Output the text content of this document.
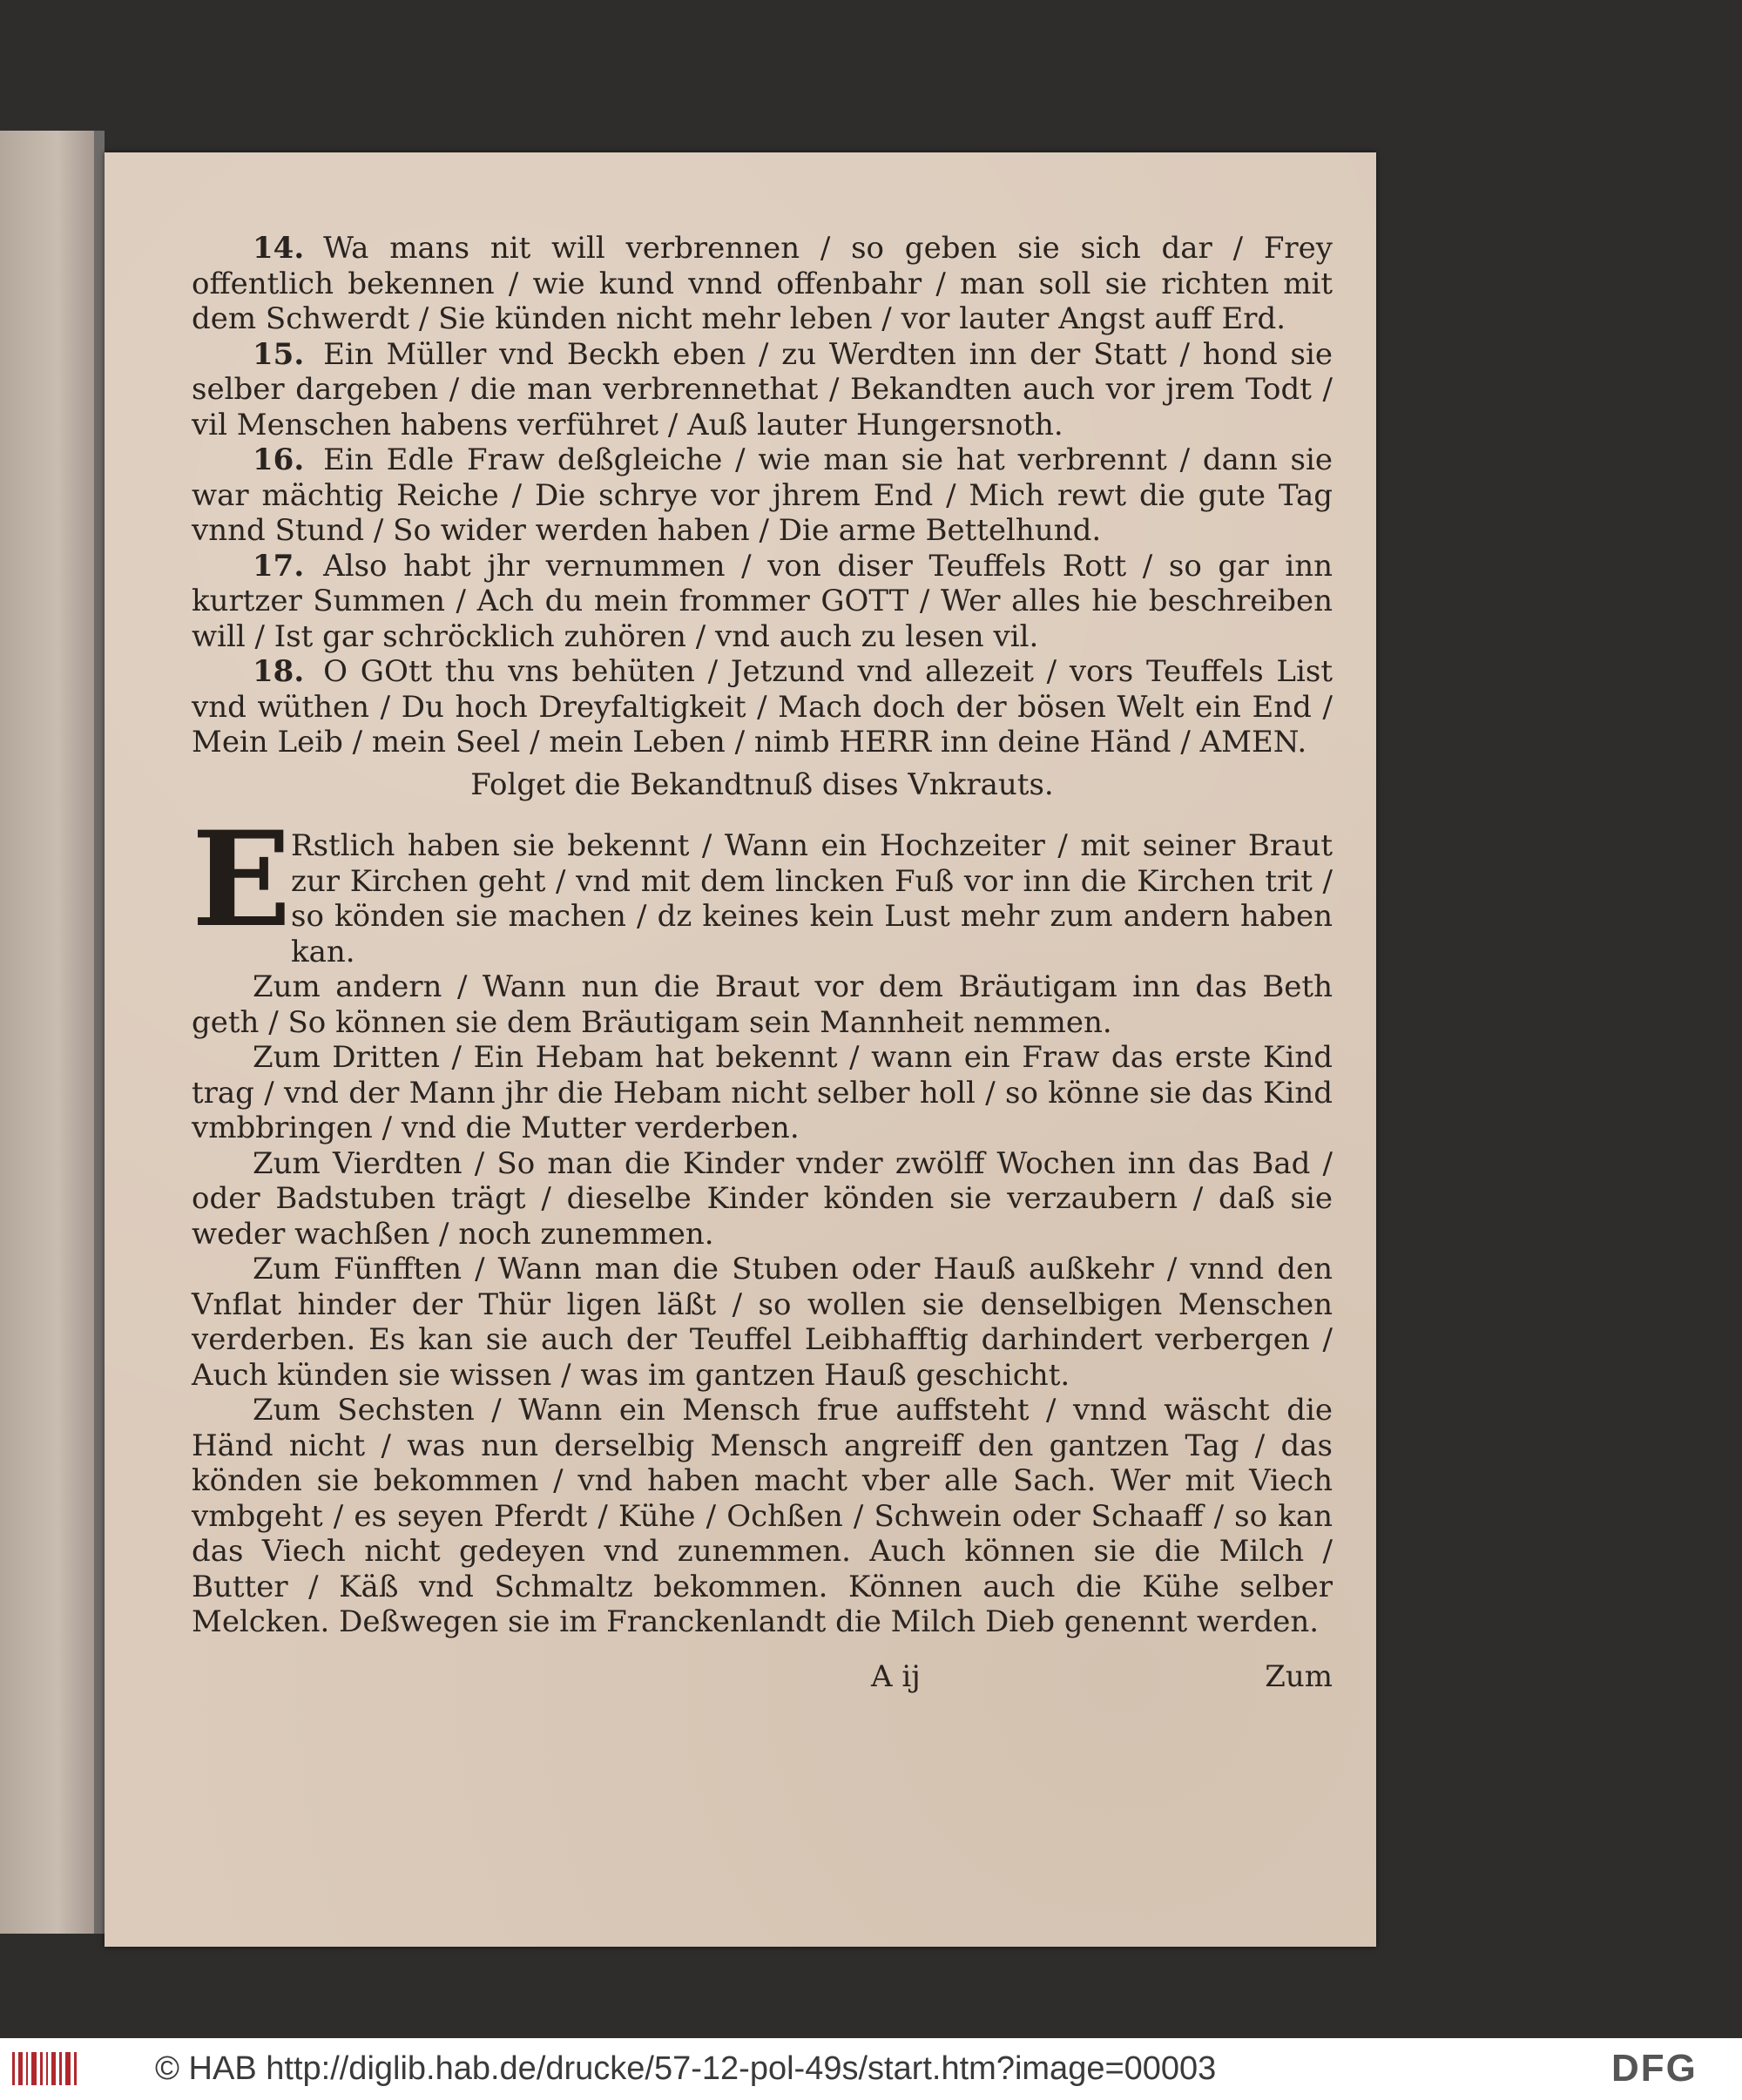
14. Wa mans nit will verbrennen / so geben sie sich dar / Frey offentlich bekennen / wie kund vnnd offenbahr / man soll sie richten mit dem Schwerdt / Sie künden nicht mehr leben / vor lauter Angst auff Erd.

15. Ein Müller vnd Beckh eben / zu Werdten inn der Statt / hond sie selber dargeben / die man verbrennethat / Bekandten auch vor jrem Todt / vil Menschen habens verführet / Auß lauter Hungersnoth.

16. Ein Edle Fraw deßgleiche / wie man sie hat verbrennt / dann sie war mächtig Reiche / Die schrye vor jhrem End / Mich rewt die gute Tag vnnd Stund / So wider werden haben / Die arme Bettelhund.

17. Also habt jhr vernummen / von diser Teuffels Rott / so gar inn kurtzer Summen / Ach du mein frommer GOTT / Wer alles hie beschreiben will / Ist gar schröcklich zuhören / vnd auch zu lesen vil.

18. O GOtt thu vns behüten / Jetzund vnd allezeit / vors Teuffels List vnd wüthen / Du hoch Dreyfaltigkeit / Mach doch der bösen Welt ein End / Mein Leib / mein Seel / mein Leben / nimb HERR inn deine Händ / AMEN.

Folget die Bekandtnuß dises Vnkrauts.

E Rstlich haben sie bekennt / Wann ein Hochzeiter / mit seiner Braut zur Kirchen geht / vnd mit dem lincken Fuß vor inn die Kirchen trit / so könden sie machen / dz keines kein Lust mehr zum andern haben kan.

Zum andern / Wann nun die Braut vor dem Bräutigam inn das Beth geth / So können sie dem Bräutigam sein Mannheit nemmen.

Zum Dritten / Ein Hebam hat bekennt / wann ein Fraw das erste Kind trag / vnd der Mann jhr die Hebam nicht selber holl / so könne sie das Kind vmbbringen / vnd die Mutter verderben.

Zum Vierdten / So man die Kinder vnder zwölff Wochen inn das Bad / oder Badstuben trägt / dieselbe Kinder könden sie verzaubern / daß sie weder wachßen / noch zunemmen.

Zum Fünfften / Wann man die Stuben oder Hauß außkehr / vnnd den Vnflat hinder der Thür ligen läßt / so wollen sie denselbigen Menschen verderben. Es kan sie auch der Teuffel Leibhafftig darhindert verbergen / Auch künden sie wissen / was im gantzen Hauß geschicht.

Zum Sechsten / Wann ein Mensch frue auffsteht / vnnd wäscht die Händ nicht / was nun derselbig Mensch angreiff den gantzen Tag / das könden sie bekommen / vnd haben macht vber alle Sach. Wer mit Viech vmbgeht / es seyen Pferdt / Kühe / Ochßen / Schwein oder Schaaff / so kan das Viech nicht gedeyen vnd zunemmen. Auch können sie die Milch / Butter / Käß vnd Schmaltz bekommen. Können auch die Kühe selber Melcken. Deßwegen sie im Franckenlandt die Milch Dieb genennt werden.

A ij	Zum
© HAB http://diglib.hab.de/drucke/57-12-pol-49s/start.htm?image=00003	DFG
